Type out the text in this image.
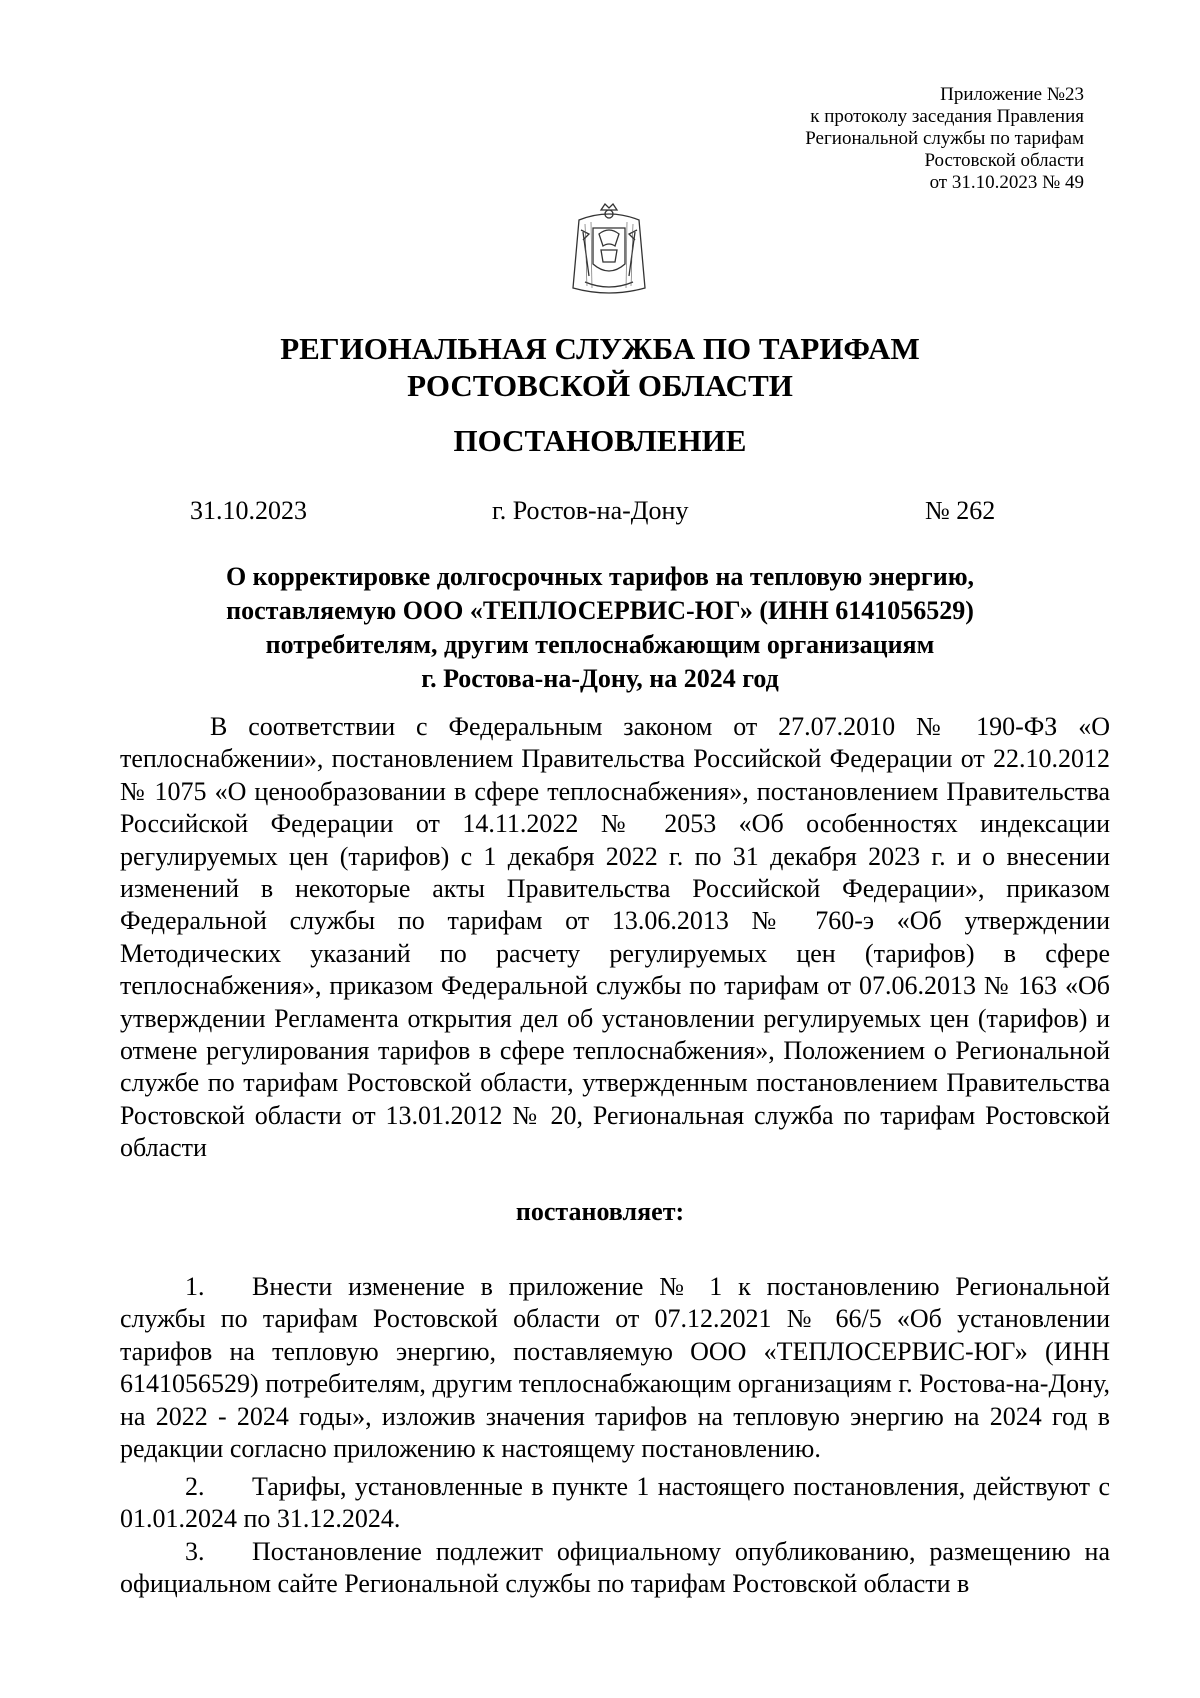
Приложение №23
к протоколу заседания Правления
Региональной службы по тарифам
Ростовской области
от 31.10.2023 № 49
РЕГИОНАЛЬНАЯ СЛУЖБА ПО ТАРИФАМ
РОСТОВСКОЙ ОБЛАСТИ
ПОСТАНОВЛЕНИЕ
31.10.2023	г. Ростов-на-Дону	№ 262
О корректировке долгосрочных тарифов на тепловую энергию,
поставляемую ООО «ТЕПЛОСЕРВИС-ЮГ» (ИНН 6141056529)
потребителям, другим теплоснабжающим организациям
г. Ростова-на-Дону, на 2024 год
В соответствии с Федеральным законом от 27.07.2010 № 190-ФЗ «О теплоснабжении», постановлением Правительства Российской Федерации от 22.10.2012 № 1075 «О ценообразовании в сфере теплоснабжения», постановлением Правительства Российской Федерации от 14.11.2022 № 2053 «Об особенностях индексации регулируемых цен (тарифов) с 1 декабря 2022 г. по 31 декабря 2023 г. и о внесении изменений в некоторые акты Правительства Российской Федерации», приказом Федеральной службы по тарифам от 13.06.2013 № 760-э «Об утверждении Методических указаний по расчету регулируемых цен (тарифов) в сфере теплоснабжения», приказом Федеральной службы по тарифам от 07.06.2013 № 163 «Об утверждении Регламента открытия дел об установлении регулируемых цен (тарифов) и отмене регулирования тарифов в сфере теплоснабжения», Положением о Региональной службе по тарифам Ростовской области, утвержденным постановлением Правительства Ростовской области от 13.01.2012 № 20, Региональная служба по тарифам Ростовской области
постановляет:
1. Внести изменение в приложение № 1 к постановлению Региональной службы по тарифам Ростовской области от 07.12.2021 № 66/5 «Об установлении тарифов на тепловую энергию, поставляемую ООО «ТЕПЛОСЕРВИС-ЮГ» (ИНН 6141056529) потребителям, другим теплоснабжающим организациям г. Ростова-на-Дону, на 2022 - 2024 годы», изложив значения тарифов на тепловую энергию на 2024 год в редакции согласно приложению к настоящему постановлению.
2. Тарифы, установленные в пункте 1 настоящего постановления, действуют с 01.01.2024 по 31.12.2024.
3. Постановление подлежит официальному опубликованию, размещению на официальном сайте Региональной службы по тарифам Ростовской области в
